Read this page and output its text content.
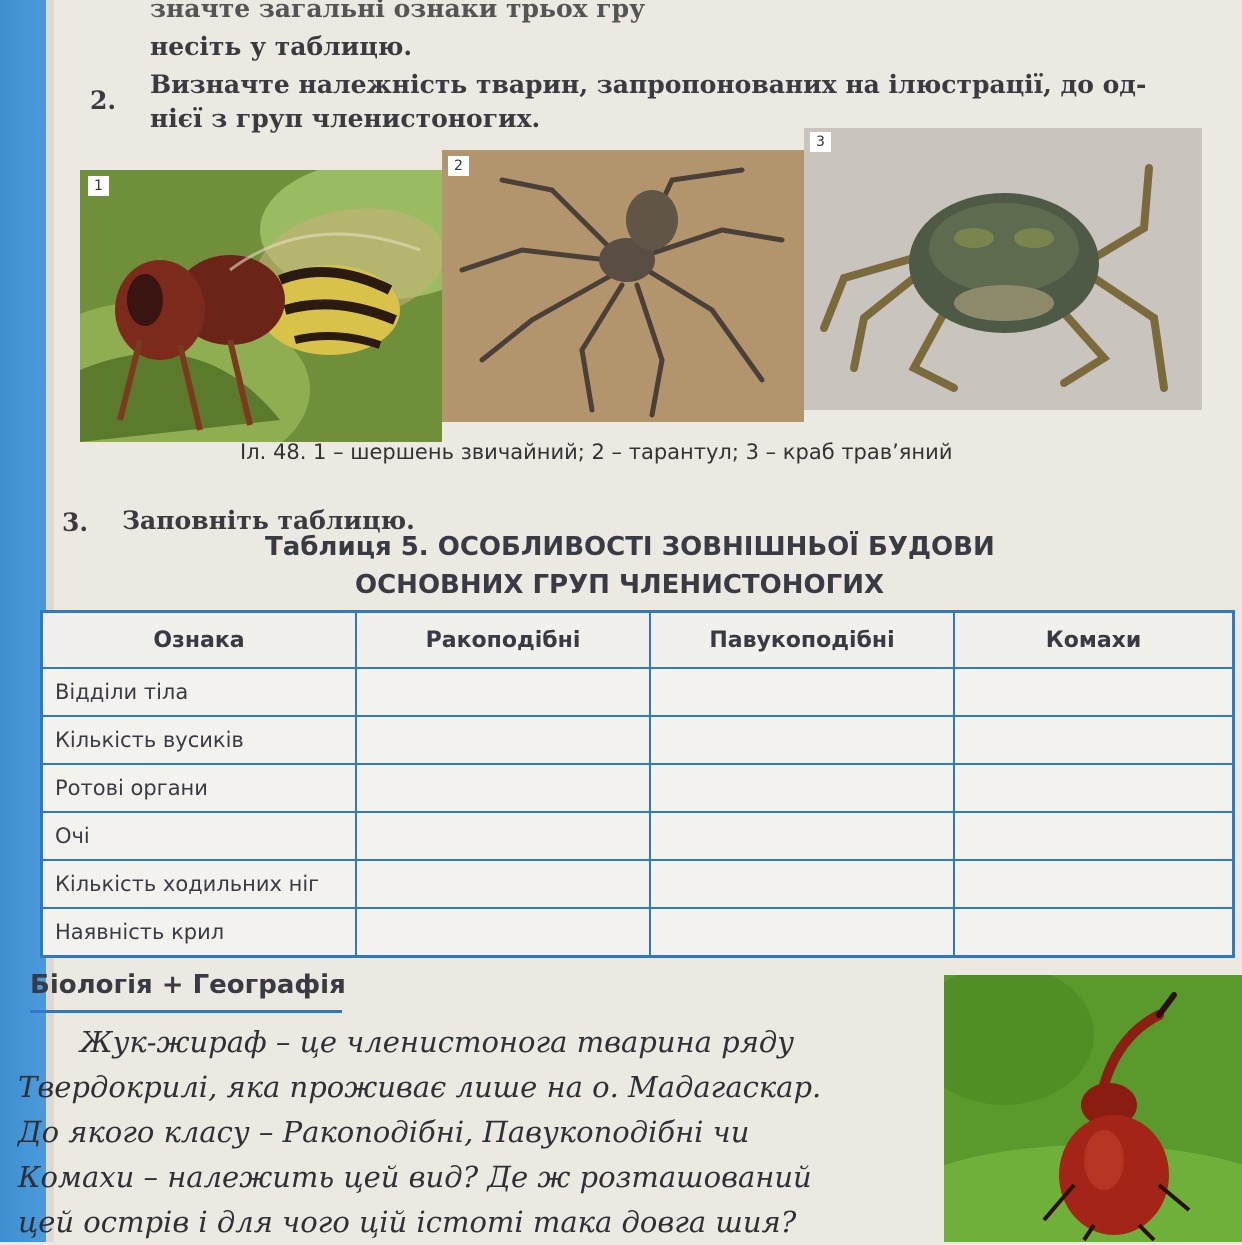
значте загальні ознаки трьох гру
несіть у таблицю.
2.
Визначте належність тварин, запропонованих на ілюстрації, до од-
нієї з груп членистоногих.
1
2
3
Іл. 48. 1 – шершень звичайний; 2 – тарантул; 3 – краб трав’яний
3. Заповніть таблицю.
Таблиця 5. ОСОБЛИВОСТІ ЗОВНІШНЬОЇ БУДОВИ
ОСНОВНИХ ГРУП ЧЛЕНИСТОНОГИХ
Ознака	Ракоподібні	Павукоподібні	Комахи
Відділи тіла			
Кількість вусиків			
Ротові органи			
Очі			
Кількість ходильних ніг			
Наявність крил			
Біологія + Географія
Жук-жираф – це членистонога тварина ряду
Твердокрилі, яка проживає лише на о. Мадагаскар.
До якого класу – Ракоподібні, Павукоподібні чи
Комахи – належить цей вид? Де ж розташований
цей острів і для чого цій істоті така довга шия?
